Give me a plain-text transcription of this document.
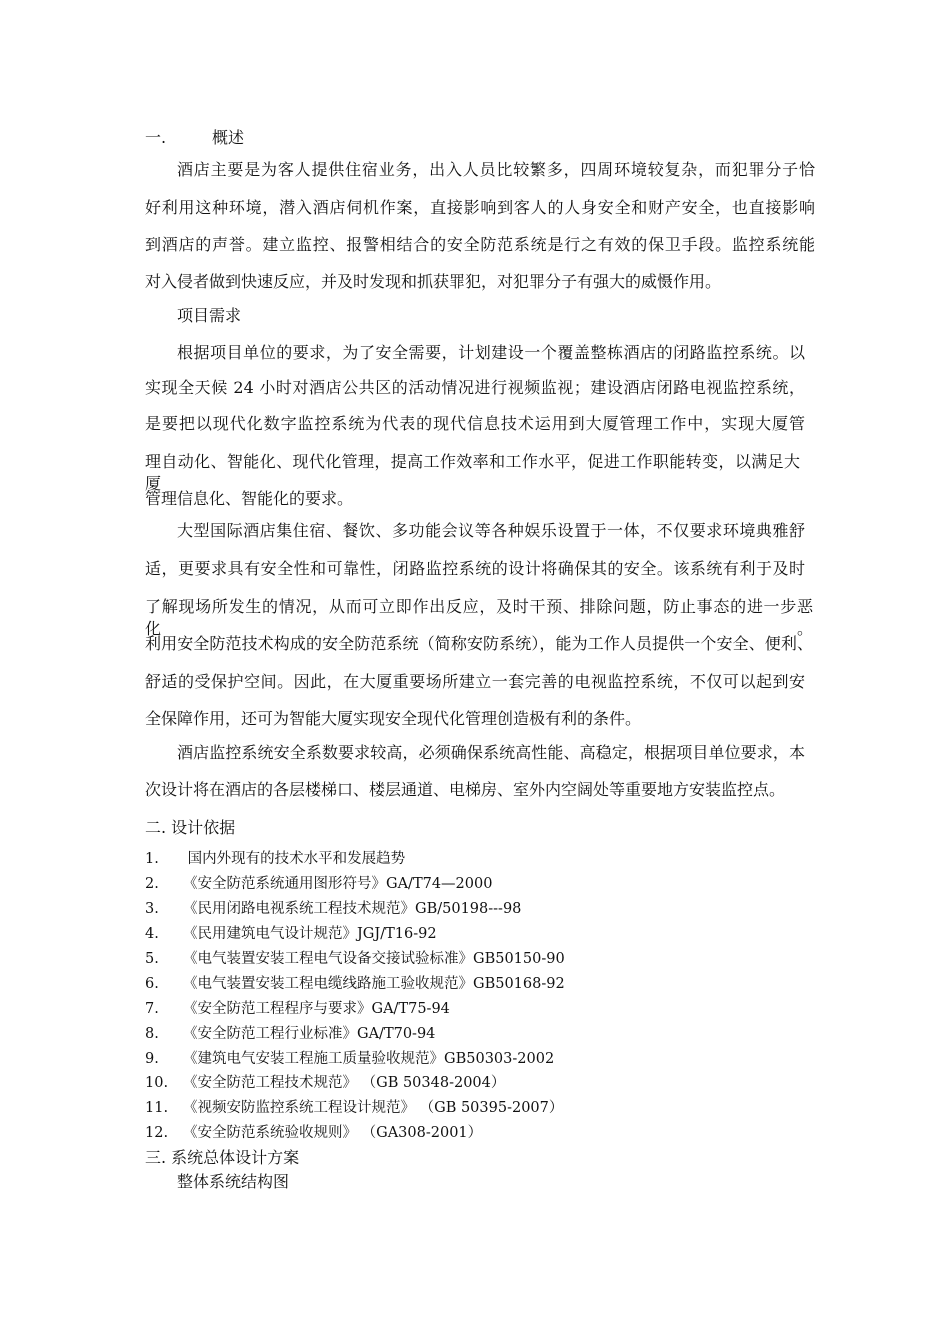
一.	概述
酒店主要是为客人提供住宿业务，出入人员比较繁多，四周环境较复杂，而犯罪分子恰
好利用这种环境，潜入酒店伺机作案，直接影响到客人的人身安全和财产安全，也直接影响
到酒店的声誉。建立监控、报警相结合的安全防范系统是行之有效的保卫手段。监控系统能
对入侵者做到快速反应，并及时发现和抓获罪犯，对犯罪分子有强大的威慑作用。
项目需求
根据项目单位的要求，为了安全需要，计划建设一个覆盖整栋酒店的闭路监控系统。以
实现全天候 24 小时对酒店公共区的活动情况进行视频监视；建设酒店闭路电视监控系统，
是要把以现代化数字监控系统为代表的现代信息技术运用到大厦管理工作中，实现大厦管
理自动化、智能化、现代化管理，提高工作效率和工作水平，促进工作职能转变，以满足大厦
管理信息化、智能化的要求。
大型国际酒店集住宿、餐饮、多功能会议等各种娱乐设置于一体，不仅要求环境典雅舒
适，更要求具有安全性和可靠性，闭路监控系统的设计将确保其的安全。该系统有利于及时
了解现场所发生的情况，从而可立即作出反应，及时干预、排除问题，防止事态的进一步恶化。
利用安全防范技术构成的安全防范系统（简称安防系统），能为工作人员提供一个安全、便利、
舒适的受保护空间。因此，在大厦重要场所建立一套完善的电视监控系统，不仅可以起到安
全保障作用，还可为智能大厦实现安全现代化管理创造极有利的条件。
酒店监控系统安全系数要求较高，必须确保系统高性能、高稳定，根据项目单位要求，本
次设计将在酒店的各层楼梯口、楼层通道、电梯房、室外内空阔处等重要地方安装监控点。
二. 设计依据
1. 国内外现有的技术水平和发展趋势
2. 《安全防范系统通用图形符号》GA/T74—2000
3. 《民用闭路电视系统工程技术规范》GB/50198---98
4. 《民用建筑电气设计规范》JGJ/T16-92
5. 《电气装置安装工程电气设备交接试验标准》GB50150-90
6. 《电气装置安装工程电缆线路施工验收规范》GB50168-92
7. 《安全防范工程程序与要求》GA/T75-94
8. 《安全防范工程行业标准》GA/T70-94
9. 《建筑电气安装工程施工质量验收规范》GB50303-2002
10. 《安全防范工程技术规范》 （GB 50348-2004）
11. 《视频安防监控系统工程设计规范》 （GB 50395-2007）
12. 《安全防范系统验收规则》 （GA308-2001）
三. 系统总体设计方案
整体系统结构图
